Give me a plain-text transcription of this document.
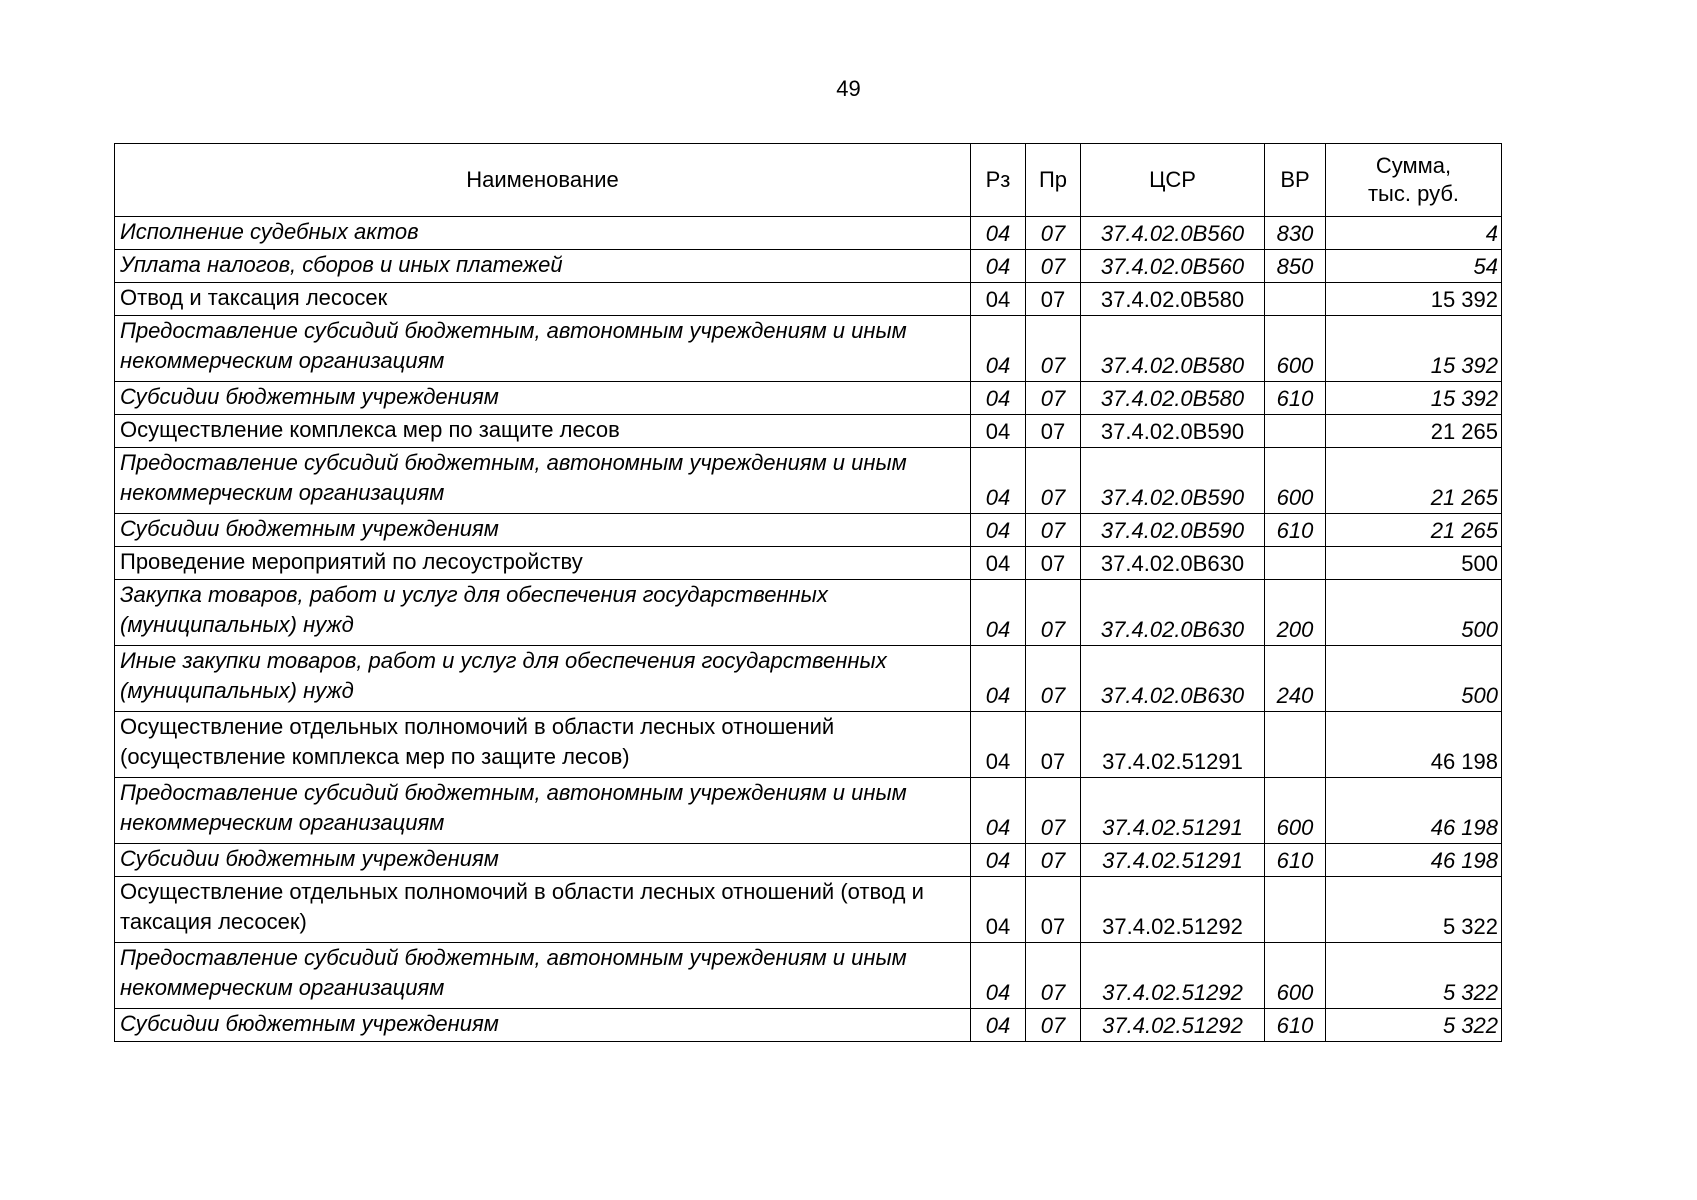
49
Наименование	Рз	Пр	ЦСР	ВР	Сумма,
тыс. руб.
Исполнение судебных актов	04	07	37.4.02.0В560	830	4
Уплата налогов, сборов и иных платежей	04	07	37.4.02.0В560	850	54
Отвод и таксация лесосек	04	07	37.4.02.0В580		15 392
Предоставление субсидий бюджетным, автономным учреждениям и иным некоммерческим организациям	04	07	37.4.02.0В580	600	15 392
Субсидии бюджетным учреждениям	04	07	37.4.02.0В580	610	15 392
Осуществление комплекса мер по защите лесов	04	07	37.4.02.0В590		21 265
Предоставление субсидий бюджетным, автономным учреждениям и иным некоммерческим организациям	04	07	37.4.02.0В590	600	21 265
Субсидии бюджетным учреждениям	04	07	37.4.02.0В590	610	21 265
Проведение мероприятий по лесоустройству	04	07	37.4.02.0В630		500
Закупка товаров, работ и услуг для обеспечения государственных (муниципальных) нужд	04	07	37.4.02.0В630	200	500
Иные закупки товаров, работ и услуг для обеспечения государственных (муниципальных) нужд	04	07	37.4.02.0В630	240	500
Осуществление отдельных полномочий в области лесных отношений (осуществление комплекса мер по защите лесов)	04	07	37.4.02.51291		46 198
Предоставление субсидий бюджетным, автономным учреждениям и иным некоммерческим организациям	04	07	37.4.02.51291	600	46 198
Субсидии бюджетным учреждениям	04	07	37.4.02.51291	610	46 198
Осуществление отдельных полномочий в области лесных отношений (отвод и таксация лесосек)	04	07	37.4.02.51292		5 322
Предоставление субсидий бюджетным, автономным учреждениям и иным некоммерческим организациям	04	07	37.4.02.51292	600	5 322
Субсидии бюджетным учреждениям	04	07	37.4.02.51292	610	5 322
